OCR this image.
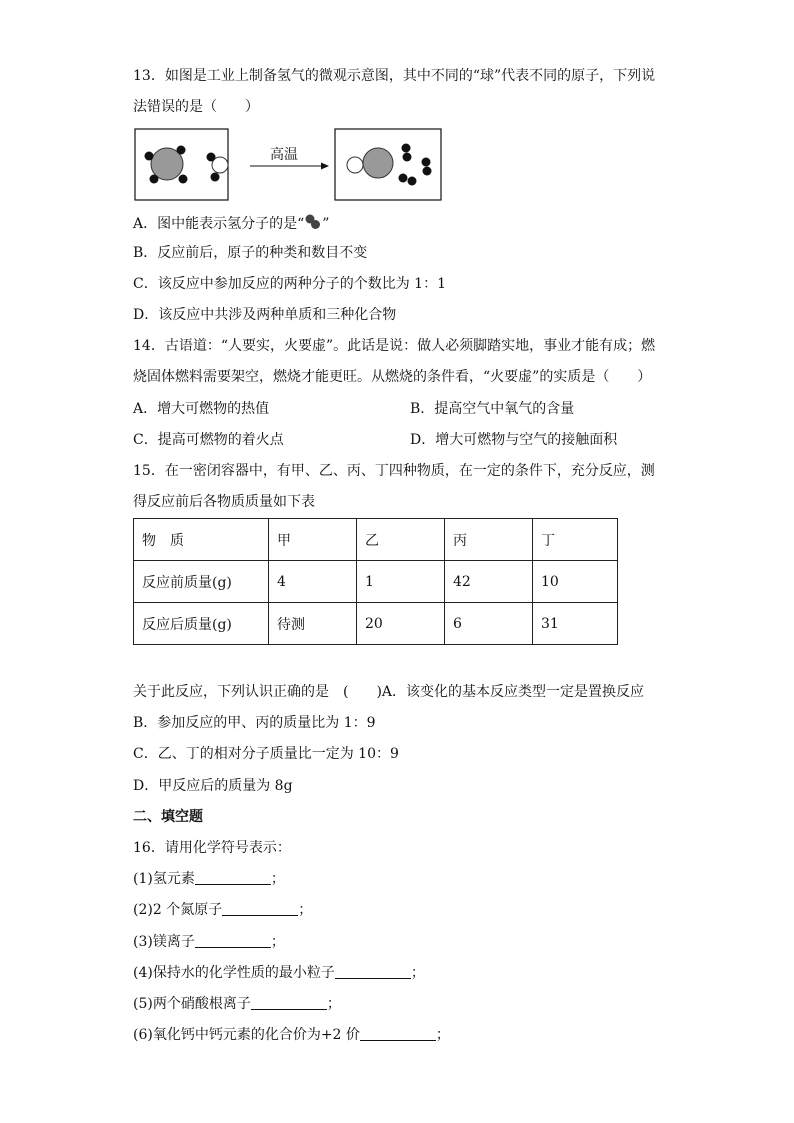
13．如图是工业上制备氢气的微观示意图，其中不同的“球”代表不同的原子，下列说
法错误的是（　　）
高温
A．图中能表示氢分子的是“ ”
B．反应前后，原子的种类和数目不变
C．该反应中参加反应的两种分子的个数比为 1：1
D．该反应中共涉及两种单质和三种化合物
14．古语道：“人要实，火要虚”。此话是说：做人必须脚踏实地，事业才能有成；燃
烧固体燃料需要架空，燃烧才能更旺。从燃烧的条件看，“火要虚”的实质是（　　）
A．增大可燃物的热值	B．提高空气中氧气的含量
C．提高可燃物的着火点	D．增大可燃物与空气的接触面积
15．在一密闭容器中，有甲、乙、丙、丁四种物质，在一定的条件下，充分反应，测
得反应前后各物质质量如下表
物　质	甲	乙	丙	丁
反应前质量(g)	4	1	42	10
反应后质量(g)	待测	20	6	31
关于此反应，下列认识正确的是　(　　)A．该变化的基本反应类型一定是置换反应
B．参加反应的甲、丙的质量比为 1：9
C．乙、丁的相对分子质量比一定为 10：9
D．甲反应后的质量为 8g
二、填空题
16．请用化学符号表示：
(1)氢元素	；
(2)2 个氮原子	；
(3)镁离子	；
(4)保持水的化学性质的最小粒子	；
(5)两个硝酸根离子	；
(6)氧化钙中钙元素的化合价为+2 价	；
